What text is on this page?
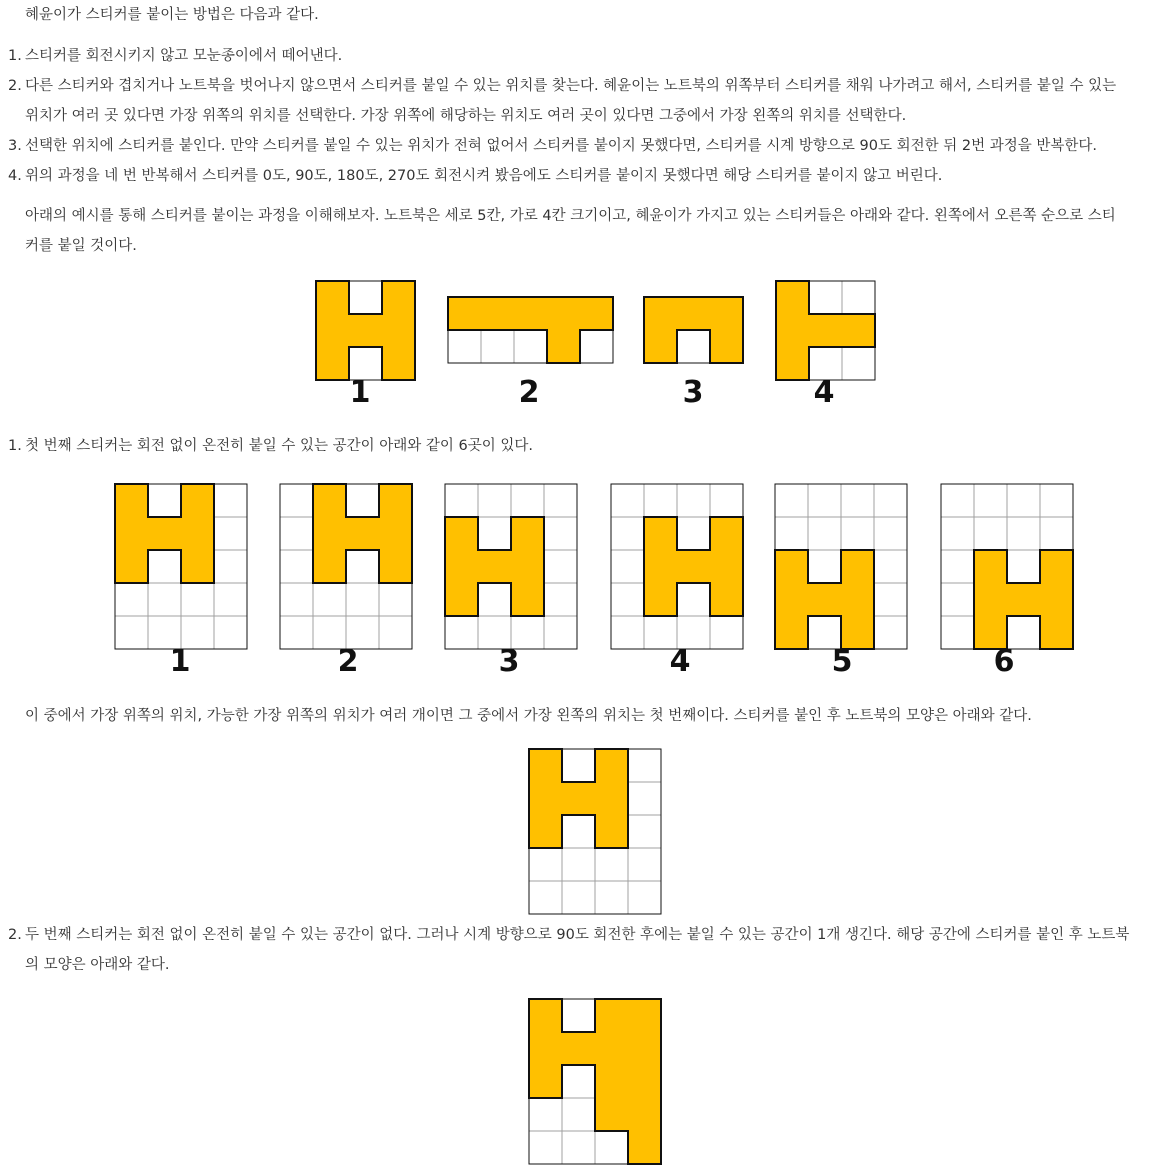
혜윤이가 스티커를 붙이는 방법은 다음과 같다.
1. 스티커를 회전시키지 않고 모눈종이에서 떼어낸다.
2. 다른 스티커와 겹치거나 노트북을 벗어나지 않으면서 스티커를 붙일 수 있는 위치를 찾는다. 혜윤이는 노트북의 위쪽부터 스티커를 채워 나가려고 해서, 스티커를 붙일 수 있는
위치가 여러 곳 있다면 가장 위쪽의 위치를 선택한다. 가장 위쪽에 해당하는 위치도 여러 곳이 있다면 그중에서 가장 왼쪽의 위치를 선택한다.
3. 선택한 위치에 스티커를 붙인다. 만약 스티커를 붙일 수 있는 위치가 전혀 없어서 스티커를 붙이지 못했다면, 스티커를 시계 방향으로 90도 회전한 뒤 2번 과정을 반복한다.
4. 위의 과정을 네 번 반복해서 스티커를 0도, 90도, 180도, 270도 회전시켜 봤음에도 스티커를 붙이지 못했다면 해당 스티커를 붙이지 않고 버린다.
아래의 예시를 통해 스티커를 붙이는 과정을 이해해보자. 노트북은 세로 5칸, 가로 4칸 크기이고, 혜윤이가 가지고 있는 스티커들은 아래와 같다. 왼쪽에서 오른쪽 순으로 스티
커를 붙일 것이다.
1	2	3	4
1. 첫 번째 스티커는 회전 없이 온전히 붙일 수 있는 공간이 아래와 같이 6곳이 있다.
1	2	3	4	5	6
이 중에서 가장 위쪽의 위치, 가능한 가장 위쪽의 위치가 여러 개이면 그 중에서 가장 왼쪽의 위치는 첫 번째이다. 스티커를 붙인 후 노트북의 모양은 아래와 같다.
2. 두 번째 스티커는 회전 없이 온전히 붙일 수 있는 공간이 없다. 그러나 시계 방향으로 90도 회전한 후에는 붙일 수 있는 공간이 1개 생긴다. 해당 공간에 스티커를 붙인 후 노트북
의 모양은 아래와 같다.
